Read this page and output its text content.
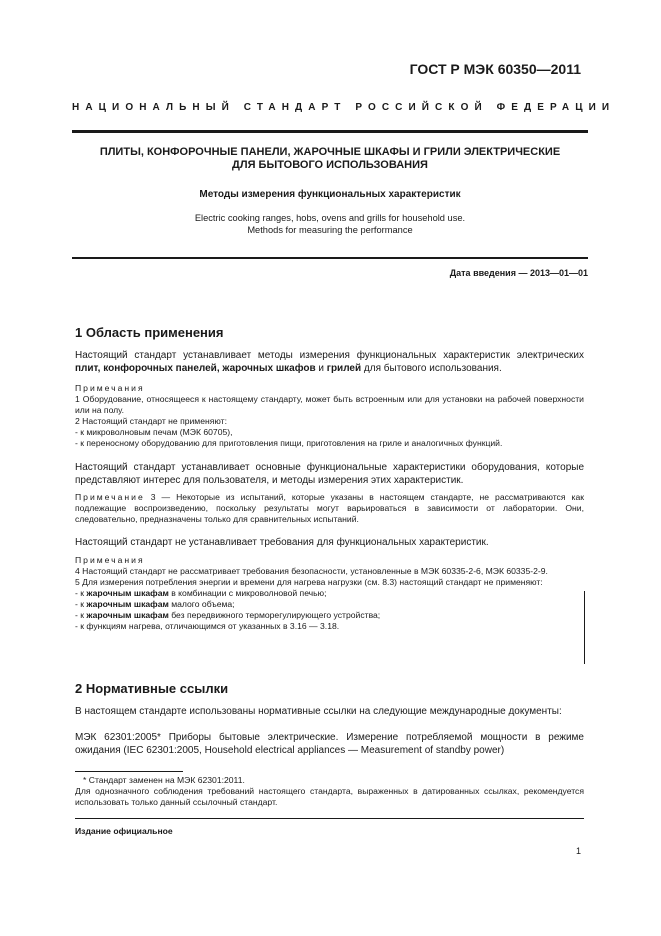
ГОСТ Р МЭК 60350—2011
НАЦИОНАЛЬНЫЙ СТАНДАРТ РОССИЙСКОЙ ФЕДЕРАЦИИ
ПЛИТЫ, КОНФОРОЧНЫЕ ПАНЕЛИ, ЖАРОЧНЫЕ ШКАФЫ И ГРИЛИ ЭЛЕКТРИЧЕСКИЕ
ДЛЯ БЫТОВОГО ИСПОЛЬЗОВАНИЯ
Методы измерения функциональных характеристик
Electric cooking ranges, hobs, ovens and grills for household use.
Methods for measuring the performance
Дата введения — 2013—01—01
1 Область применения

Настоящий стандарт устанавливает методы измерения функциональных характеристик электрических плит, конфорочных панелей, жарочных шкафов и грилей для бытового использования.

Примечания

1 Оборудование, относящееся к настоящему стандарту, может быть встроенным или для установки на рабочей поверхности или на полу.

2 Настоящий стандарт не применяют:

- к микроволновым печам (МЭК 60705),

- к переносному оборудованию для приготовления пищи, приготовления на гриле и аналогичных функций.

Настоящий стандарт устанавливает основные функциональные характеристики оборудования, которые представляют интерес для пользователя, и методы измерения этих характеристик.

Примечание 3 — Некоторые из испытаний, которые указаны в настоящем стандарте, не рассматриваются как подлежащие воспроизведению, поскольку результаты могут варьироваться в зависимости от лаборатории. Они, следовательно, предназначены только для сравнительных испытаний.

Настоящий стандарт не устанавливает требования для функциональных характеристик.

Примечания

4 Настоящий стандарт не рассматривает требования безопасности, установленные в МЭК 60335-2-6, МЭК 60335-2-9.

5 Для измерения потребления энергии и времени для нагрева нагрузки (см. 8.3) настоящий стандарт не применяют:

- к жарочным шкафам в комбинации с микроволновой печью;

- к жарочным шкафам малого объема;

- к жарочным шкафам без передвижного терморегулирующего устройства;

- к функциям нагрева, отличающимся от указанных в 3.16 — 3.18.

2 Нормативные ссылки

В настоящем стандарте использованы нормативные ссылки на следующие международные документы:

МЭК 62301:2005* Приборы бытовые электрические. Измерение потребляемой мощности в режиме ожидания (IEC 62301:2005, Household electrical appliances — Measurement of standby power)

* Стандарт заменен на МЭК 62301:2011.

Для однозначного соблюдения требований настоящего стандарта, выраженных в датированных ссылках, рекомендуется использовать только данный ссылочный стандарт.

Издание официальное
1
